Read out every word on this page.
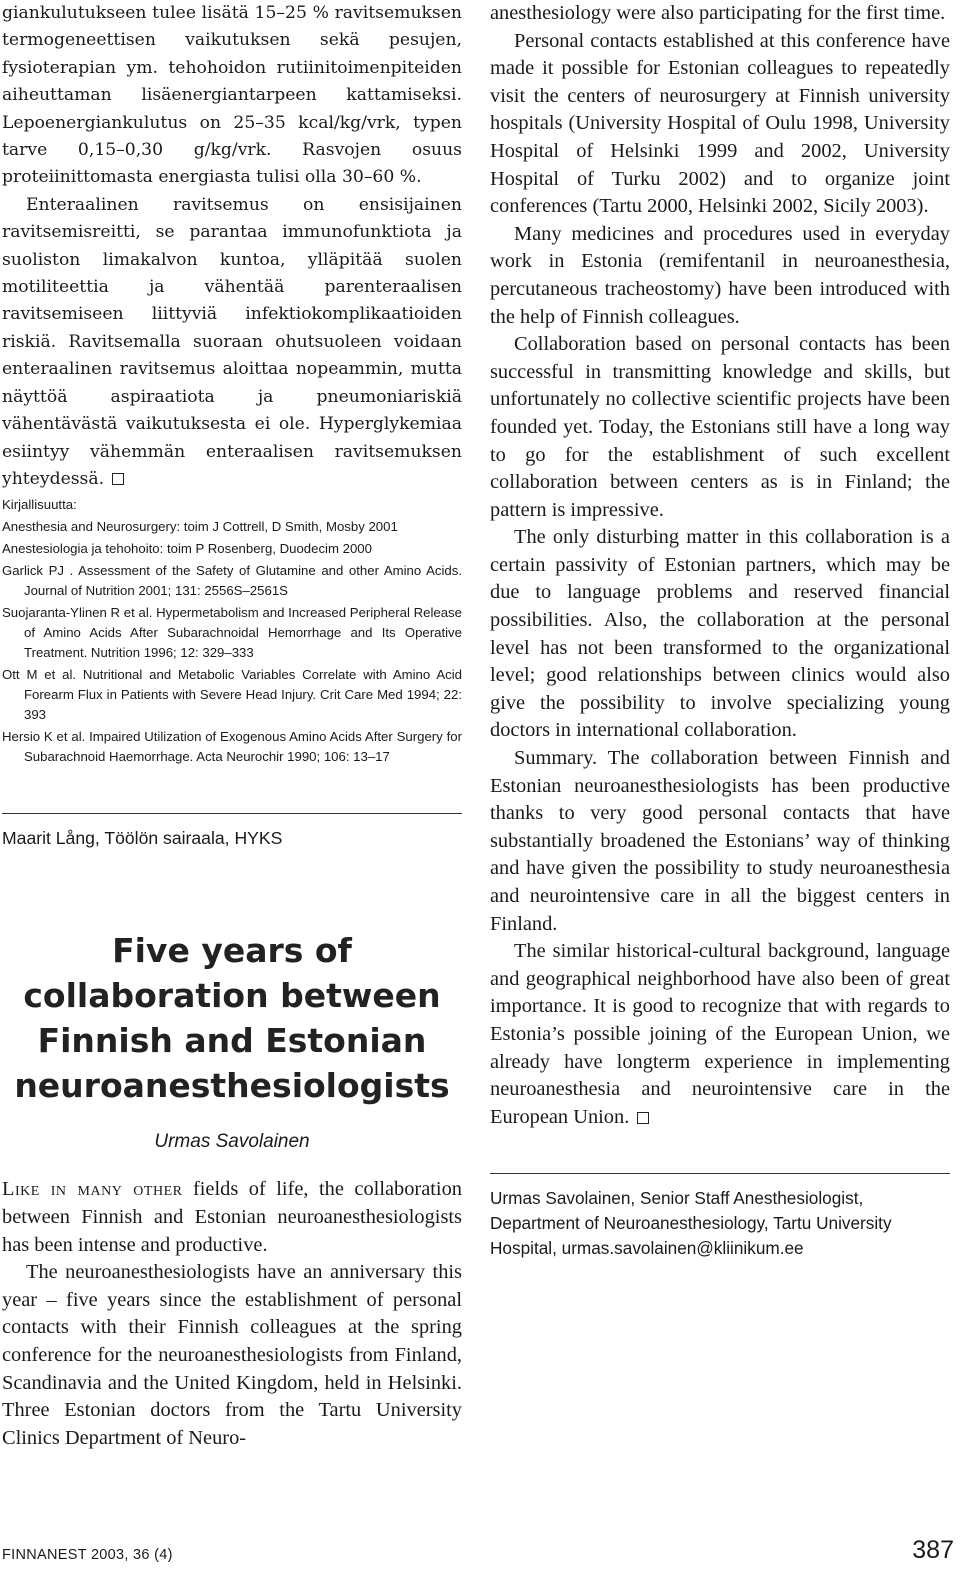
giankulutukseen tulee lisätä 15–25 % ravitsemuksen termogeneettisen vaikutuksen sekä pesujen, fysioterapian ym. tehohoidon rutiinitoimenpiteiden aiheuttaman lisäenergiantarpeen kattamiseksi. Lepoenergiankulutus on 25–35 kcal/kg/vrk, typen tarve 0,15–0,30 g/kg/vrk. Rasvojen osuus proteiinittomasta energiasta tulisi olla 30–60 %.

Enteraalinen ravitsemus on ensisijainen ravitsemisreitti, se parantaa immunofunktiota ja suoliston limakalvon kuntoa, ylläpitää suolen motiliteettia ja vähentää parenteraalisen ravitsemiseen liittyviä infektiokomplikaatioiden riskiä. Ravitsemalla suoraan ohutsuoleen voidaan enteraalinen ravitsemus aloittaa nopeammin, mutta näyttöä aspiraatiota ja pneumoniariskiä vähentävästä vaikutuksesta ei ole. Hyperglykemiaa esiintyy vähemmän enteraalisen ravitsemuksen yhteydessä.

Kirjallisuutta:

Anesthesia and Neurosurgery: toim J Cottrell, D Smith, Mosby 2001

Anestesiologia ja tehohoito: toim P Rosenberg, Duodecim 2000

Garlick PJ . Assessment of the Safety of Glutamine and other Amino Acids. Journal of Nutrition 2001; 131: 2556S–2561S

Suojaranta-Ylinen R et al. Hypermetabolism and Increased Peripheral Release of Amino Acids After Subarachnoidal Hemorrhage and Its Operative Treatment. Nutrition 1996; 12: 329–333

Ott M et al. Nutritional and Metabolic Variables Correlate with Amino Acid Forearm Flux in Patients with Severe Head Injury. Crit Care Med 1994; 22: 393

Hersio K et al. Impaired Utilization of Exogenous Amino Acids After Surgery for Subarachnoid Haemorrhage. Acta Neurochir 1990; 106: 13–17

Maarit Lång, Töölön sairaala, HYKS

Five years of collaboration between Finnish and Estonian neuroanesthesiologists

Urmas Savolainen

Like in many other fields of life, the collaboration between Finnish and Estonian neuroanesthesiologists has been intense and productive.

The neuroanesthesiologists have an anniversary this year – five years since the establishment of personal contacts with their Finnish colleagues at the spring conference for the neuroanesthesiologists from Finland, Scandinavia and the United Kingdom, held in Helsinki. Three Estonian doctors from the Tartu University Clinics Department of Neuro-

anesthesiology were also participating for the first time.

Personal contacts established at this conference have made it possible for Estonian colleagues to repeatedly visit the centers of neurosurgery at Finnish university hospitals (University Hospital of Oulu 1998, University Hospital of Helsinki 1999 and 2002, University Hospital of Turku 2002) and to organize joint conferences (Tartu 2000, Helsinki 2002, Sicily 2003).

Many medicines and procedures used in everyday work in Estonia (remifentanil in neuroanesthesia, percutaneous tracheostomy) have been introduced with the help of Finnish colleagues.

Collaboration based on personal contacts has been successful in transmitting knowledge and skills, but unfortunately no collective scientific projects have been founded yet. Today, the Estonians still have a long way to go for the establishment of such excellent collaboration between centers as is in Finland; the pattern is impressive.

The only disturbing matter in this collaboration is a certain passivity of Estonian partners, which may be due to language problems and reserved financial possibilities. Also, the collaboration at the personal level has not been transformed to the organizational level; good relationships between clinics would also give the possibility to involve specializing young doctors in international collaboration.

Summary. The collaboration between Finnish and Estonian neuroanesthesiologists has been productive thanks to very good personal contacts that have substantially broadened the Estonians’ way of thinking and have given the possibility to study neuroanesthesia and neurointensive care in all the biggest centers in Finland.

The similar historical-cultural background, language and geographical neighborhood have also been of great importance. It is good to recognize that with regards to Estonia’s possible joining of the European Union, we already have longterm experience in implementing neuroanesthesia and neurointensive care in the European Union.

Urmas Savolainen, Senior Staff Anesthesiologist, Department of Neuroanesthesiology, Tartu University Hospital, urmas.savolainen@kliinikum.ee

FINNANEST 2003, 36 (4)	387
